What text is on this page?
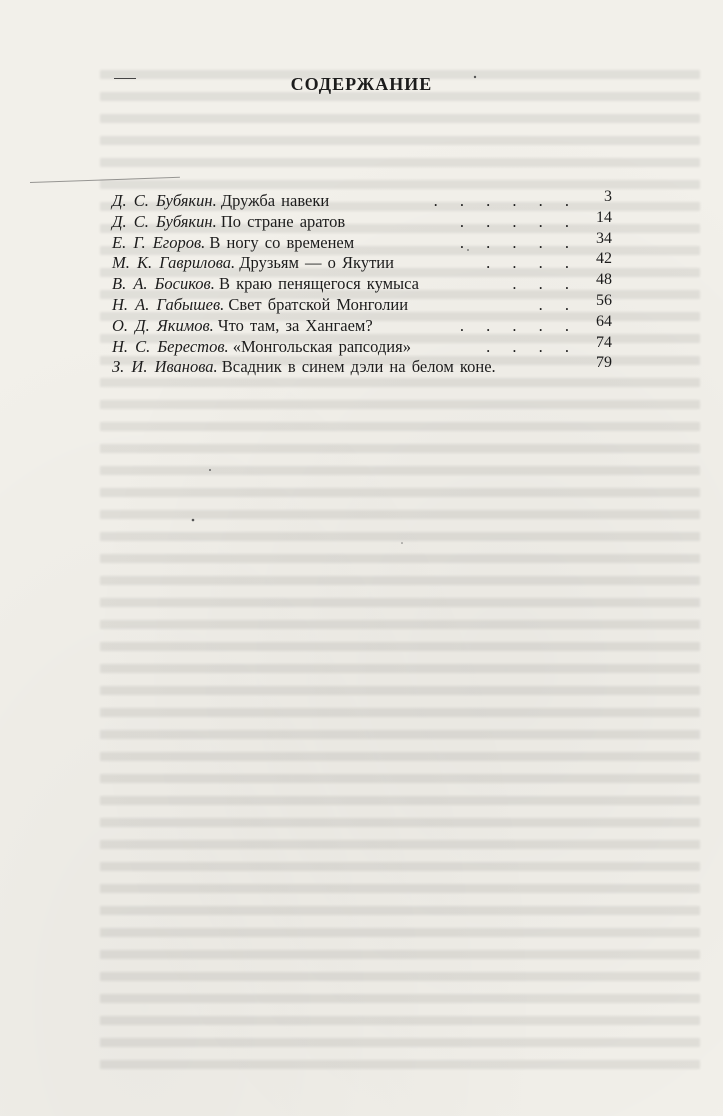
СОДЕРЖАНИЕ
Д. С. Бубякин. Дружба навеки	. . . . . .	3
Д. С. Бубякин. По стране аратов	. . . . .	14
Е. Г. Егоров. В ногу со временем	. . . . .	34
М. К. Гаврилова. Друзьям — о Якутии	. . . .	42
В. А. Босиков. В краю пенящегося кумыса	. . .	48
Н. А. Габышев. Свет братской Монголии	. .	56
О. Д. Якимов. Что там, за Хангаем?	. . . . .	64
Н. С. Берестов. «Монгольская рапсодия»	. . . .	74
З. И. Иванова. Всадник в синем дэли на белом коне.	79
